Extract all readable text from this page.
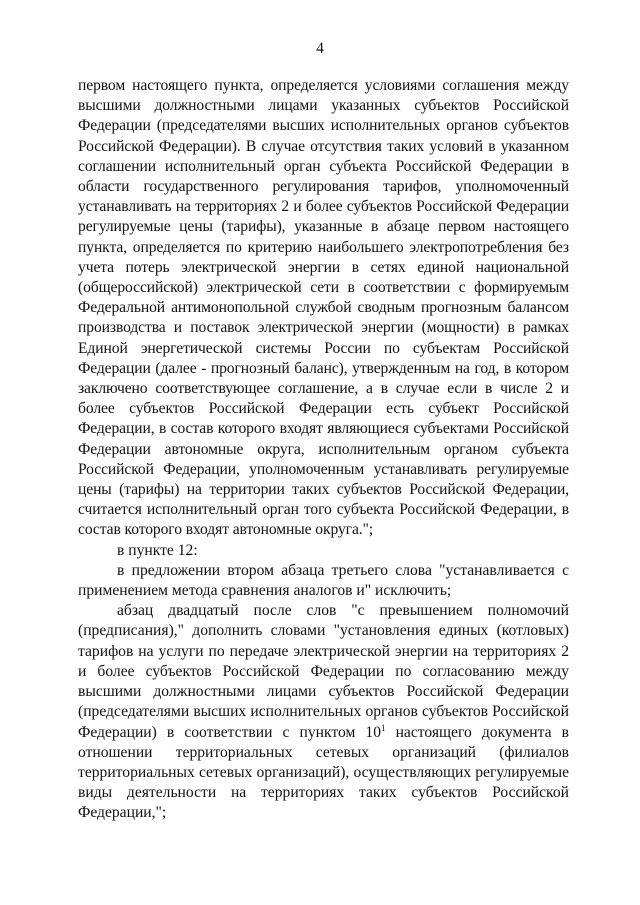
4

первом настоящего пункта, определяется условиями соглашения между высшими должностными лицами указанных субъектов Российской Федерации (председателями высших исполнительных органов субъектов Российской Федерации). В случае отсутствия таких условий в указанном соглашении исполнительный орган субъекта Российской Федерации в области государственного регулирования тарифов, уполномоченный устанавливать на территориях 2 и более субъектов Российской Федерации регулируемые цены (тарифы), указанные в абзаце первом настоящего пункта, определяется по критерию наибольшего электропотребления без учета потерь электрической энергии в сетях единой национальной (общероссийской) электрической сети в соответствии с формируемым Федеральной антимонопольной службой сводным прогнозным балансом производства и поставок электрической энергии (мощности) в рамках Единой энергетической системы России по субъектам Российской Федерации (далее - прогнозный баланс), утвержденным на год, в котором заключено соответствующее соглашение, а в случае если в числе 2 и более субъектов Российской Федерации есть субъект Российской Федерации, в состав которого входят являющиеся субъектами Российской Федерации автономные округа, исполнительным органом субъекта Российской Федерации, уполномоченным устанавливать регулируемые цены (тарифы) на территории таких субъектов Российской Федерации, считается исполнительный орган того субъекта Российской Федерации, в состав которого входят автономные округа.";

в пункте 12:

в предложении втором абзаца третьего слова "устанавливается с применением метода сравнения аналогов и" исключить;

абзац двадцатый после слов "с превышением полномочий (предписания)," дополнить словами "установления единых (котловых) тарифов на услуги по передаче электрической энергии на территориях 2 и более субъектов Российской Федерации по согласованию между высшими должностными лицами субъектов Российской Федерации (председателями высших исполнительных органов субъектов Российской Федерации) в соответствии с пунктом $10^1$ настоящего документа в отношении территориальных сетевых организаций (филиалов территориальных сетевых организаций), осуществляющих регулируемые виды деятельности на территориях таких субъектов Российской Федерации,";
